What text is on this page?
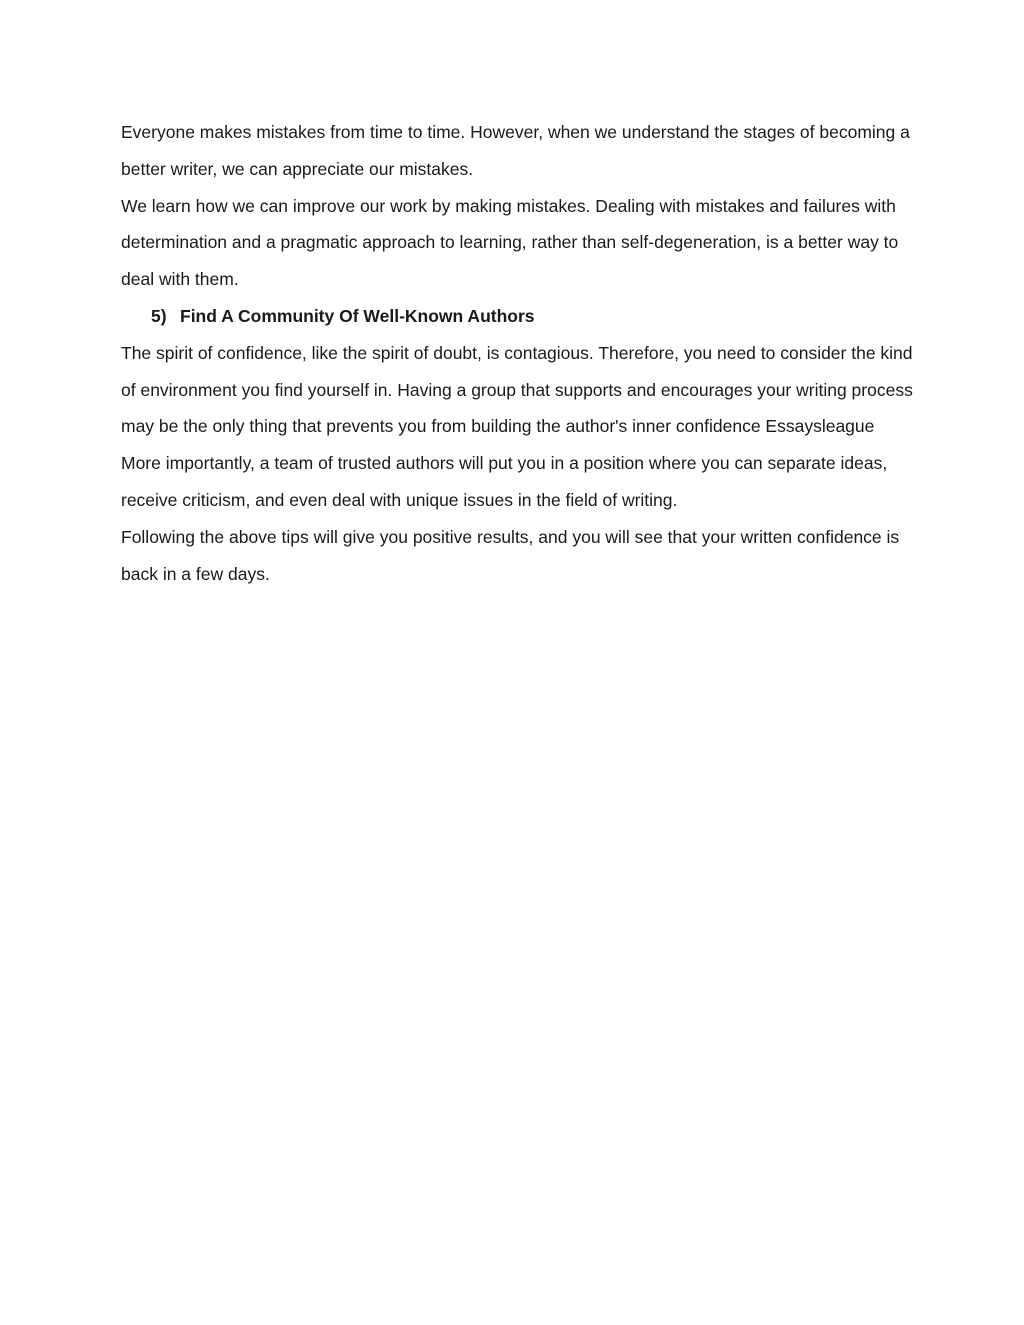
Everyone makes mistakes from time to time. However, when we understand the stages of becoming a better writer, we can appreciate our mistakes.

We learn how we can improve our work by making mistakes. Dealing with mistakes and failures with determination and a pragmatic approach to learning, rather than self-degeneration, is a better way to deal with them.

5) Find A Community Of Well-Known Authors

The spirit of confidence, like the spirit of doubt, is contagious. Therefore, you need to consider the kind of environment you find yourself in. Having a group that supports and encourages your writing process may be the only thing that prevents you from building the author's inner confidence Essaysleague

More importantly, a team of trusted authors will put you in a position where you can separate ideas, receive criticism, and even deal with unique issues in the field of writing.

Following the above tips will give you positive results, and you will see that your written confidence is back in a few days.
